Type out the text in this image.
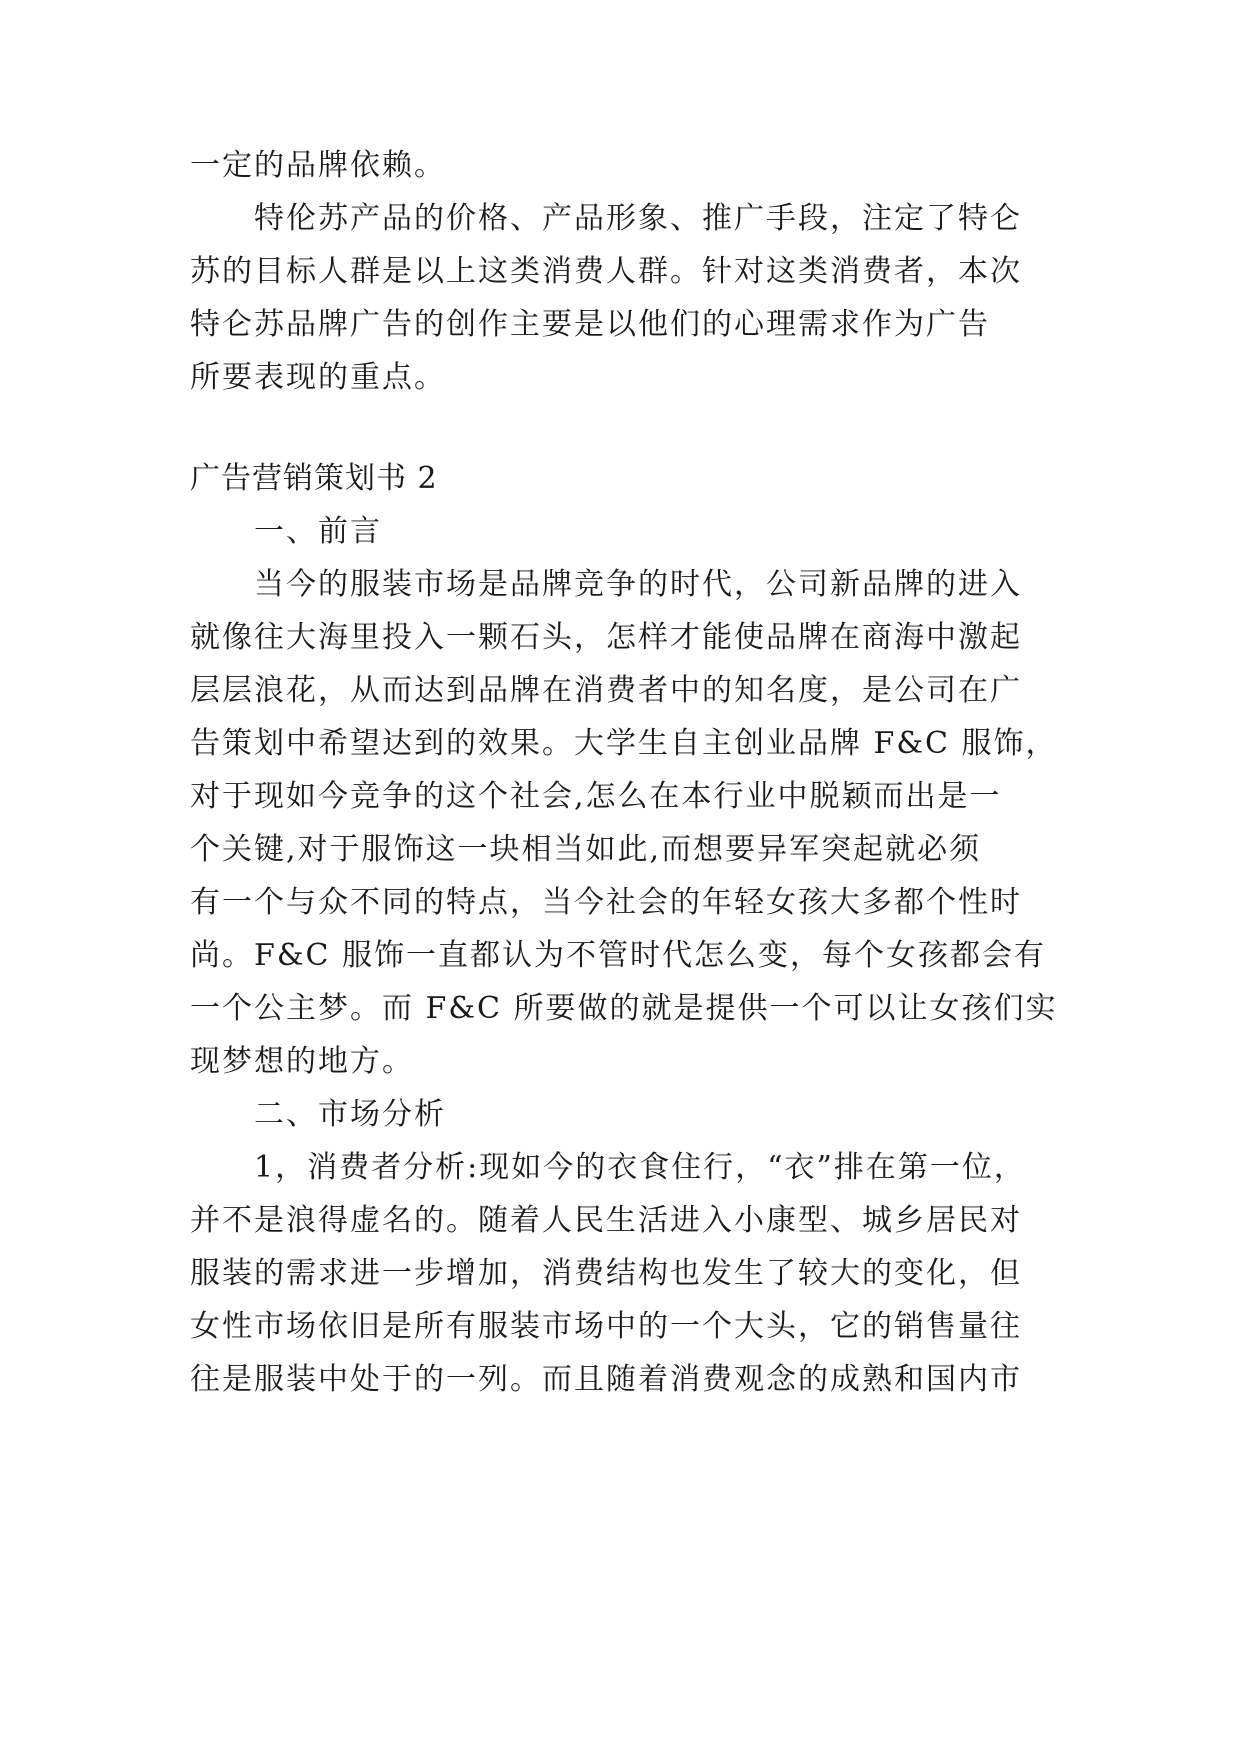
一定的品牌依赖。
特伦苏产品的价格、产品形象、推广手段，注定了特仑
苏的目标人群是以上这类消费人群。针对这类消费者，本次
特仑苏品牌广告的创作主要是以他们的心理需求作为广告
所要表现的重点。
广告营销策划书 2
一、前言
当今的服装市场是品牌竞争的时代，公司新品牌的进入
就像往大海里投入一颗石头，怎样才能使品牌在商海中激起
层层浪花，从而达到品牌在消费者中的知名度，是公司在广
告策划中希望达到的效果。大学生自主创业品牌 F&C 服饰，
对于现如今竞争的这个社会,怎么在本行业中脱颖而出是一
个关键,对于服饰这一块相当如此,而想要异军突起就必须
有一个与众不同的特点，当今社会的年轻女孩大多都个性时
尚。F&C 服饰一直都认为不管时代怎么变，每个女孩都会有
一个公主梦。而 F&C 所要做的就是提供一个可以让女孩们实
现梦想的地方。
二、市场分析
1，消费者分析:现如今的衣食住行，“衣”排在第一位，
并不是浪得虚名的。随着人民生活进入小康型、城乡居民对
服装的需求进一步增加，消费结构也发生了较大的变化，但
女性市场依旧是所有服装市场中的一个大头，它的销售量往
往是服装中处于的一列。而且随着消费观念的成熟和国内市
